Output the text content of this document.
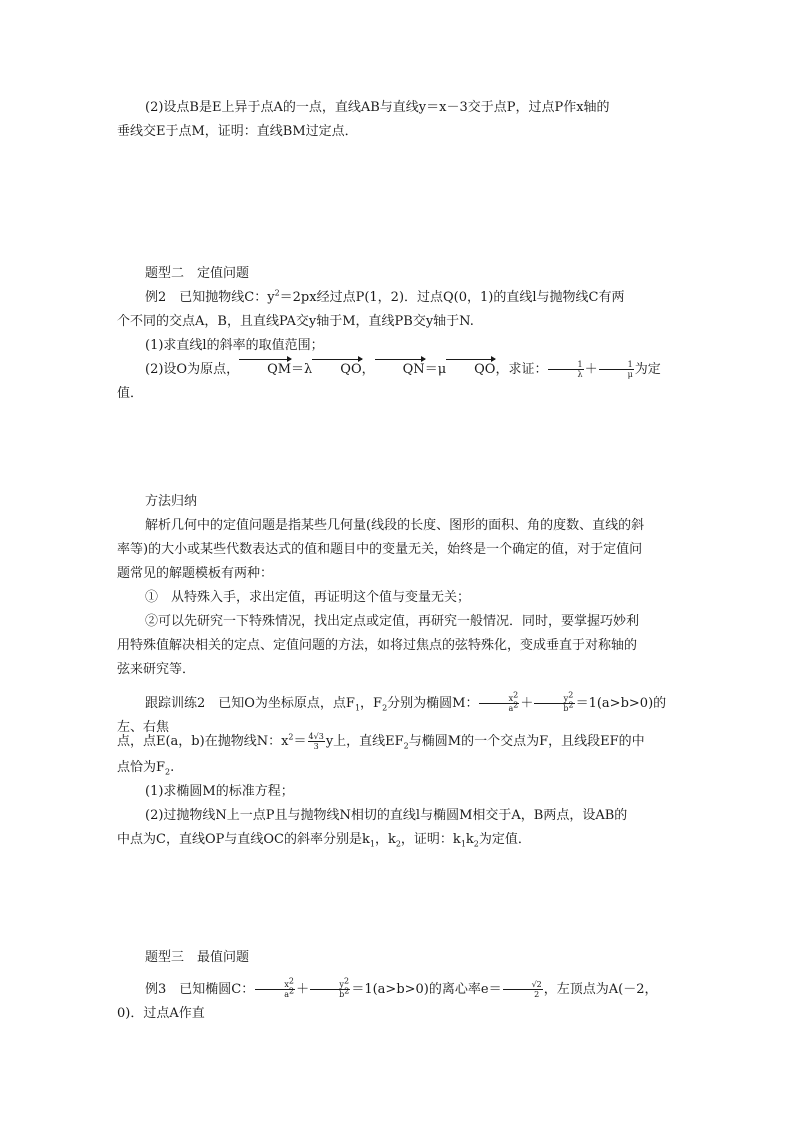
(2)设点B是E上异于点A的一点，直线AB与直线y＝x－3交于点P，过点P作x轴的

垂线交E于点M，证明：直线BM过定点．

题型二　定值问题

例2　已知抛物线C：$y^2=2px$经过点P(1，2)．过点Q(0，1)的直线l与抛物线C有两

个不同的交点A，B，且直线PA交y轴于M，直线PB交y轴于N.

(1)求直线l的斜率的取值范围；

(2)设O为原点， QM＝λ QO， QN＝μ QO，求证： $\frac{1}{\lambda} + \frac{1}{\mu}$ 为定值．

方法归纳

解析几何中的定值问题是指某些几何量(线段的长度、图形的面积、角的度数、直线的斜

率等)的大小或某些代数表达式的值和题目中的变量无关，始终是一个确定的值，对于定值问

题常见的解题模板有两种：

①　从特殊入手，求出定值，再证明这个值与变量无关；

②可以先研究一下特殊情况，找出定点或定值，再研究一般情况．同时，要掌握巧妙利

用特殊值解决相关的定点、定值问题的方法，如将过焦点的弦特殊化，变成垂直于对称轴的

弦来研究等．

跟踪训练2　已知O为坐标原点，点$F_1$，$F_2$分别为椭圆M： $\frac{x^2}{a^2} + \frac{y^2}{b^2} =1(a>b>0)$的左、右焦

点，点E(a，b)在抛物线N：$x^2= \frac{4√3}{3}$ y上，直线$EF_2$与椭圆M的一个交点为F，且线段EF的中

点恰为$F_2$.

(1)求椭圆M的标准方程；

(2)过抛物线N上一点P且与抛物线N相切的直线l与椭圆M相交于A，B两点，设AB的

中点为C，直线OP与直线OC的斜率分别是$k_1$，$k_2$，证明：$k_1k_2$为定值．

题型三　最值问题

例3　已知椭圆C： $\frac{x^2}{a^2} + \frac{y^2}{b^2} =1(a>b>0)$的离心率$e= \frac{√2}{2}$ ，左顶点为A(－2，0)．过点A作直
